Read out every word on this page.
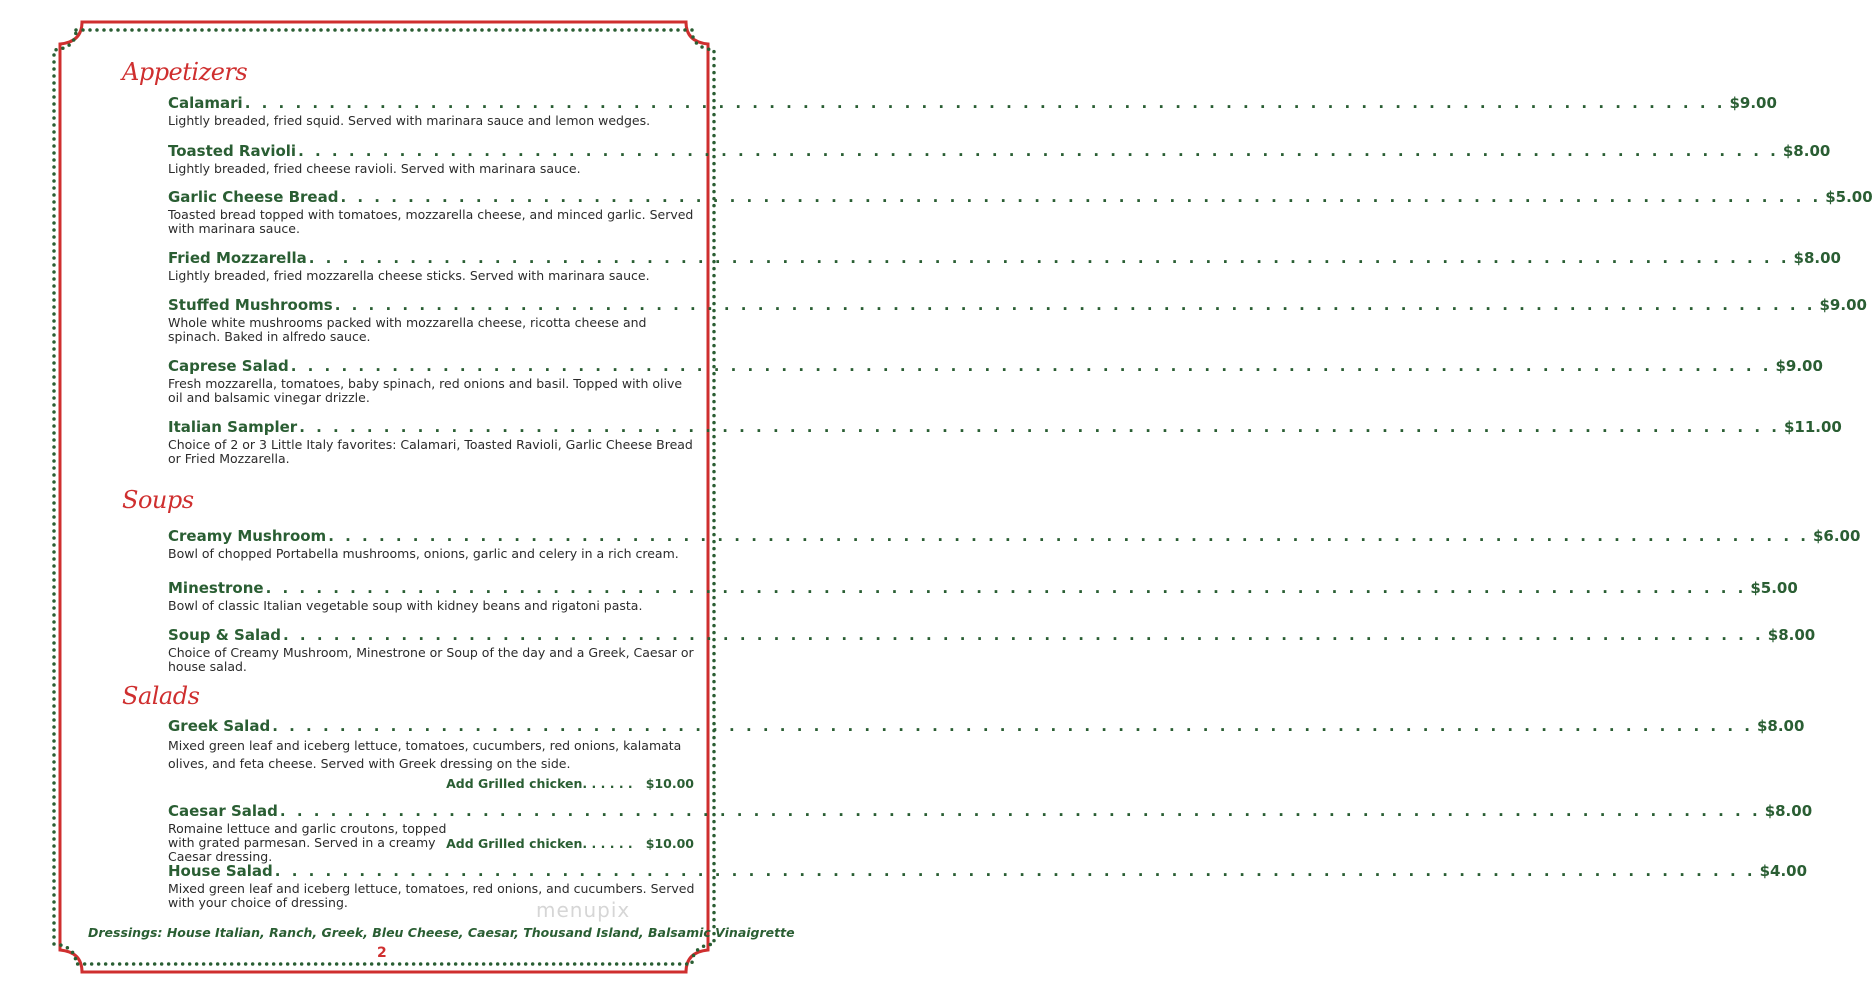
Appetizers
Calamari . . . . . . . . . . . . . . . . . . . . . . . . . . . . . . . . . . . . . . . . . . . . . . . . . . . . . . . . . . . . . . . . . . . . . . . . . . . . . . . . . . . . . . . . $9.00
Lightly breaded, fried squid. Served with marinara sauce and lemon wedges.
Toasted Ravioli . . . . . . . . . . . . . . . . . . . . . . . . . . . . . . . . . . . . . . . . . . . . . . . . . . . . . . . . . . . . . . . . . . . . . . . . . . . . . . . . . . . . . . . . $8.00
Lightly breaded, fried cheese ravioli. Served with marinara sauce.
Garlic Cheese Bread . . . . . . . . . . . . . . . . . . . . . . . . . . . . . . . . . . . . . . . . . . . . . . . . . . . . . . . . . . . . . . . . . . . . . . . . . . . . . . . . . . . . . . . . $5.00
Toasted bread topped with tomatoes, mozzarella cheese, and minced garlic. Served with marinara sauce.
Fried Mozzarella . . . . . . . . . . . . . . . . . . . . . . . . . . . . . . . . . . . . . . . . . . . . . . . . . . . . . . . . . . . . . . . . . . . . . . . . . . . . . . . . . . . . . . . . $8.00
Lightly breaded, fried mozzarella cheese sticks. Served with marinara sauce.
Stuffed Mushrooms . . . . . . . . . . . . . . . . . . . . . . . . . . . . . . . . . . . . . . . . . . . . . . . . . . . . . . . . . . . . . . . . . . . . . . . . . . . . . . . . . . . . . . . . $9.00
Whole white mushrooms packed with mozzarella cheese, ricotta cheese and spinach. Baked in alfredo sauce.
Caprese Salad . . . . . . . . . . . . . . . . . . . . . . . . . . . . . . . . . . . . . . . . . . . . . . . . . . . . . . . . . . . . . . . . . . . . . . . . . . . . . . . . . . . . . . . . $9.00
Fresh mozzarella, tomatoes, baby spinach, red onions and basil. Topped with olive oil and balsamic vinegar drizzle.
Italian Sampler . . . . . . . . . . . . . . . . . . . . . . . . . . . . . . . . . . . . . . . . . . . . . . . . . . . . . . . . . . . . . . . . . . . . . . . . . . . . . . . . . . . . . . . . $11.00
Choice of 2 or 3 Little Italy favorites: Calamari, Toasted Ravioli, Garlic Cheese Bread or Fried Mozzarella.
Soups
Creamy Mushroom . . . . . . . . . . . . . . . . . . . . . . . . . . . . . . . . . . . . . . . . . . . . . . . . . . . . . . . . . . . . . . . . . . . . . . . . . . . . . . . . . . . . . . . . $6.00
Bowl of chopped Portabella mushrooms, onions, garlic and celery in a rich cream.
Minestrone . . . . . . . . . . . . . . . . . . . . . . . . . . . . . . . . . . . . . . . . . . . . . . . . . . . . . . . . . . . . . . . . . . . . . . . . . . . . . . . . . . . . . . . . $5.00
Bowl of classic Italian vegetable soup with kidney beans and rigatoni pasta.
Soup & Salad . . . . . . . . . . . . . . . . . . . . . . . . . . . . . . . . . . . . . . . . . . . . . . . . . . . . . . . . . . . . . . . . . . . . . . . . . . . . . . . . . . . . . . . . $8.00
Choice of Creamy Mushroom, Minestrone or Soup of the day and a Greek, Caesar or house salad.
Salads
Greek Salad . . . . . . . . . . . . . . . . . . . . . . . . . . . . . . . . . . . . . . . . . . . . . . . . . . . . . . . . . . . . . . . . . . . . . . . . . . . . . . . . . . . . . . . . $8.00
Mixed green leaf and iceberg lettuce, tomatoes, cucumbers, red onions, kalamata olives, and feta cheese. Served with Greek dressing on the side.
Add Grilled chicken. . . . . . $10.00
Caesar Salad . . . . . . . . . . . . . . . . . . . . . . . . . . . . . . . . . . . . . . . . . . . . . . . . . . . . . . . . . . . . . . . . . . . . . . . . . . . . . . . . . . . . . . . . $8.00
Romaine lettuce and garlic croutons, topped with grated parmesan. Served in a creamy Caesar dressing.
Add Grilled chicken. . . . . . $10.00
House Salad . . . . . . . . . . . . . . . . . . . . . . . . . . . . . . . . . . . . . . . . . . . . . . . . . . . . . . . . . . . . . . . . . . . . . . . . . . . . . . . . . . . . . . . . $4.00
Mixed green leaf and iceberg lettuce, tomatoes, red onions, and cucumbers. Served with your choice of dressing.	menupix
Dressings: House Italian, Ranch, Greek, Bleu Cheese, Caesar, Thousand Island, Balsamic Vinaigrette
2
